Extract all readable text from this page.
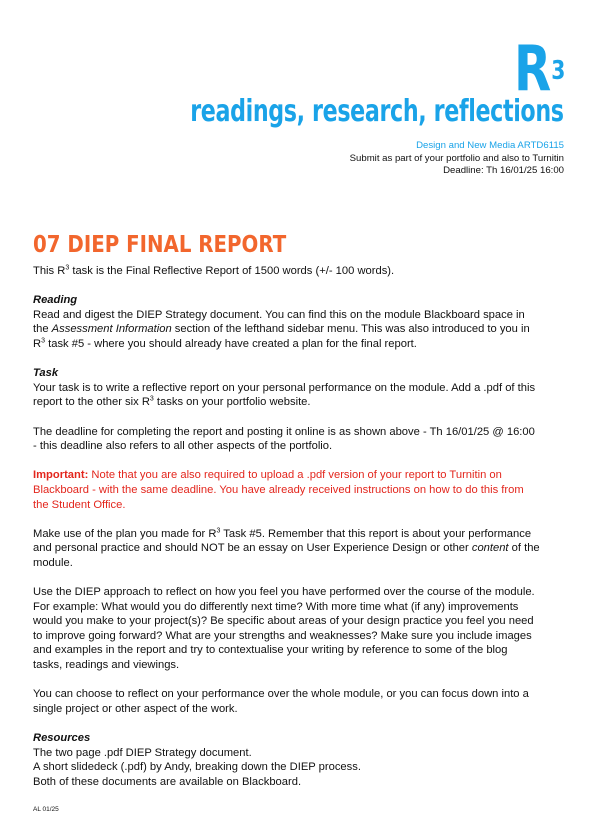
$R^3$
readings, research, reflections
Design and New Media ARTD6115
Submit as part of your portfolio and also to Turnitin
Deadline: Th 16/01/25 16:00
07 DIEP FINAL REPORT

This $R^3$ task is the Final Reflective Report of 1500 words (+/- 100 words).

Reading

Read and digest the DIEP Strategy document. You can find this on the module Blackboard space in

the Assessment Information section of the lefthand sidebar menu. This was also introduced to you in

$R^3$ task #5 - where you should already have created a plan for the final report.

Task

Your task is to write a reflective report on your personal performance on the module. Add a .pdf of this

report to the other six $R^3$ tasks on your portfolio website.

The deadline for completing the report and posting it online is as shown above - Th 16/01/25 @ 16:00

- this deadline also refers to all other aspects of the portfolio.

Important: Note that you are also required to upload a .pdf version of your report to Turnitin on

Blackboard - with the same deadline. You have already received instructions on how to do this from

the Student Office.

Make use of the plan you made for $R^3$ Task #5. Remember that this report is about your performance

and personal practice and should NOT be an essay on User Experience Design or other content of the

module.

Use the DIEP approach to reflect on how you feel you have performed over the course of the module.

For example: What would you do differently next time? With more time what (if any) improvements

would you make to your project(s)? Be specific about areas of your design practice you feel you need

to improve going forward? What are your strengths and weaknesses? Make sure you include images

and examples in the report and try to contextualise your writing by reference to some of the blog

tasks, readings and viewings.

You can choose to reflect on your performance over the whole module, or you can focus down into a

single project or other aspect of the work.

Resources

The two page .pdf DIEP Strategy document.

A short slidedeck (.pdf) by Andy, breaking down the DIEP process.

Both of these documents are available on Blackboard.

AL 01/25
